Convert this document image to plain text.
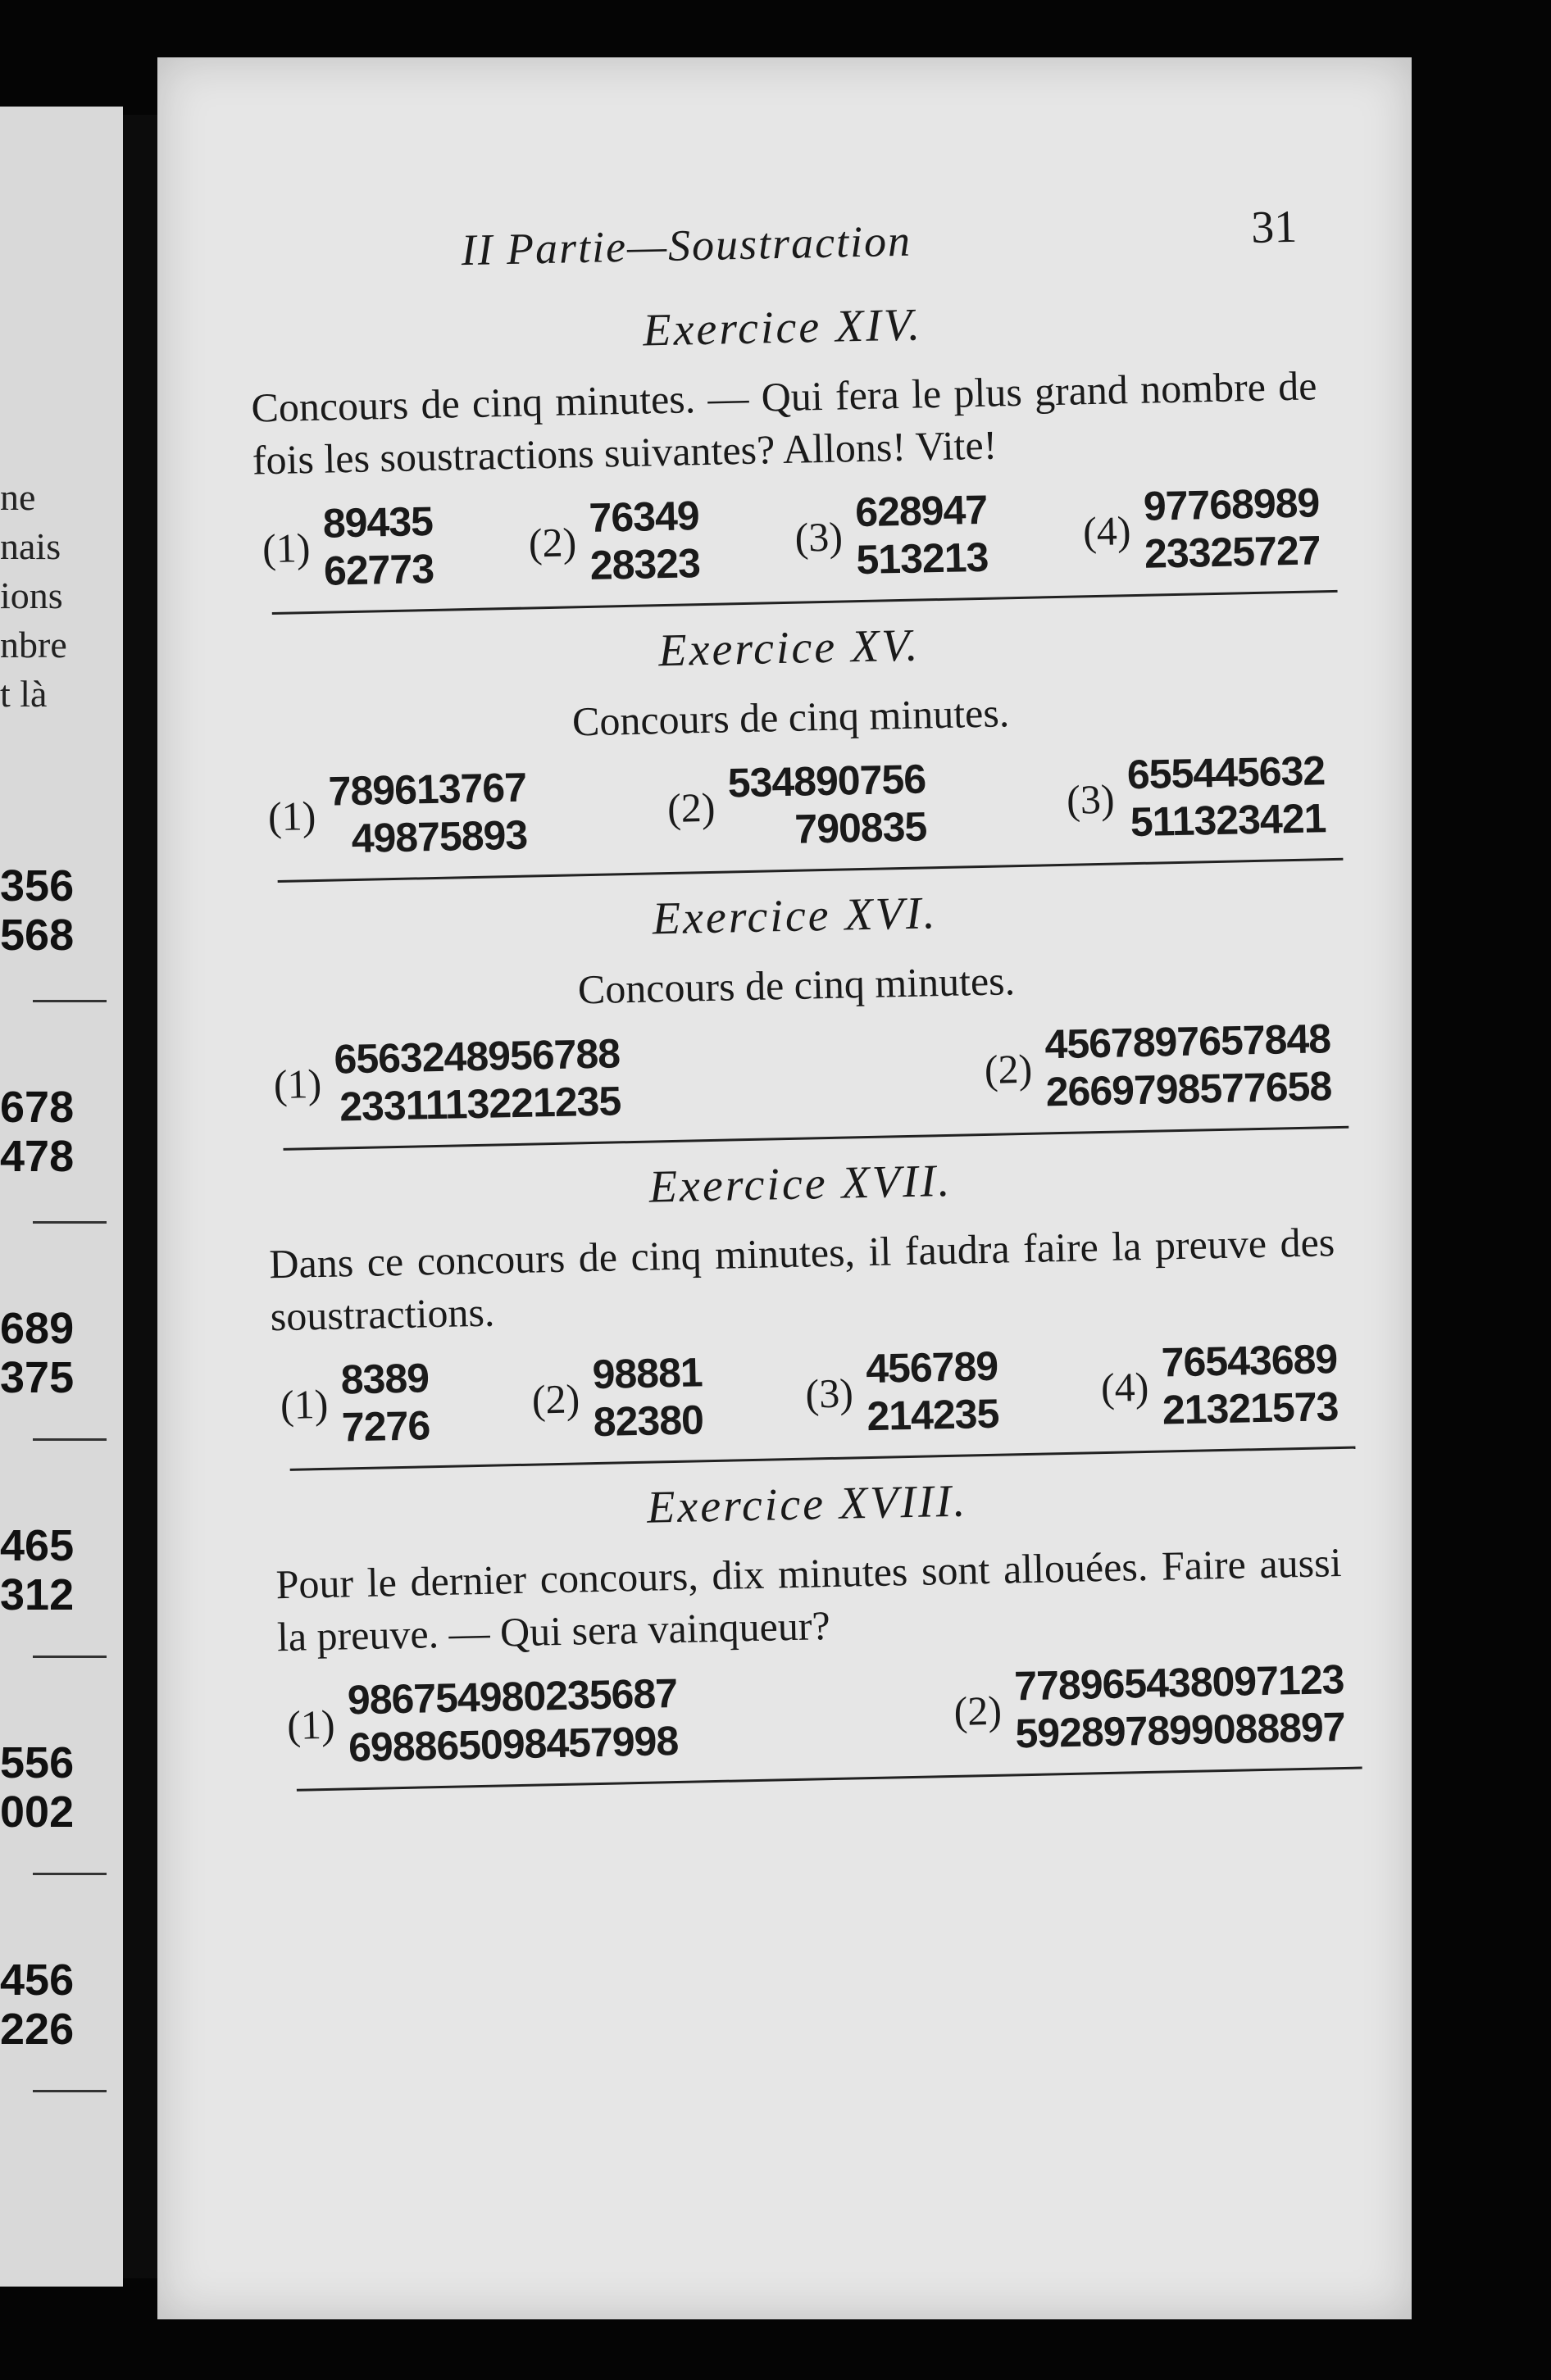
ne
nais
ions
nbre
t là
356
568
678
478
689
375
465
312
556
002
456
226
II Partie—Soustraction	31
Exercice XIV.

Concours de cinq minutes. — Qui fera le plus grand nombre de fois les soustractions suivantes? Allons! Vite!

(1)
89435
62773
(2)
76349
28323
(3)
628947
513213
(4)
97768989
23325727
Exercice XV.

Concours de cinq minutes.

(1)
789613767
49875893
(2)
534890756
790835
(3)
655445632
511323421
Exercice XVI.

Concours de cinq minutes.

(1)
6563248956788
2331113221235
(2)
4567897657848
2669798577658
Exercice XVII.

Dans ce concours de cinq minutes, il faudra faire la preuve des soustractions.

(1)
8389
7276
(2)
98881
82380
(3)
456789
214235
(4)
76543689
21321573
Exercice XVIII.

Pour le dernier concours, dix minutes sont allouées. Faire aussi la preuve. — Qui sera vainqueur?

(1)
986754980235687
698865098457998
(2)
778965438097123
592897899088897
